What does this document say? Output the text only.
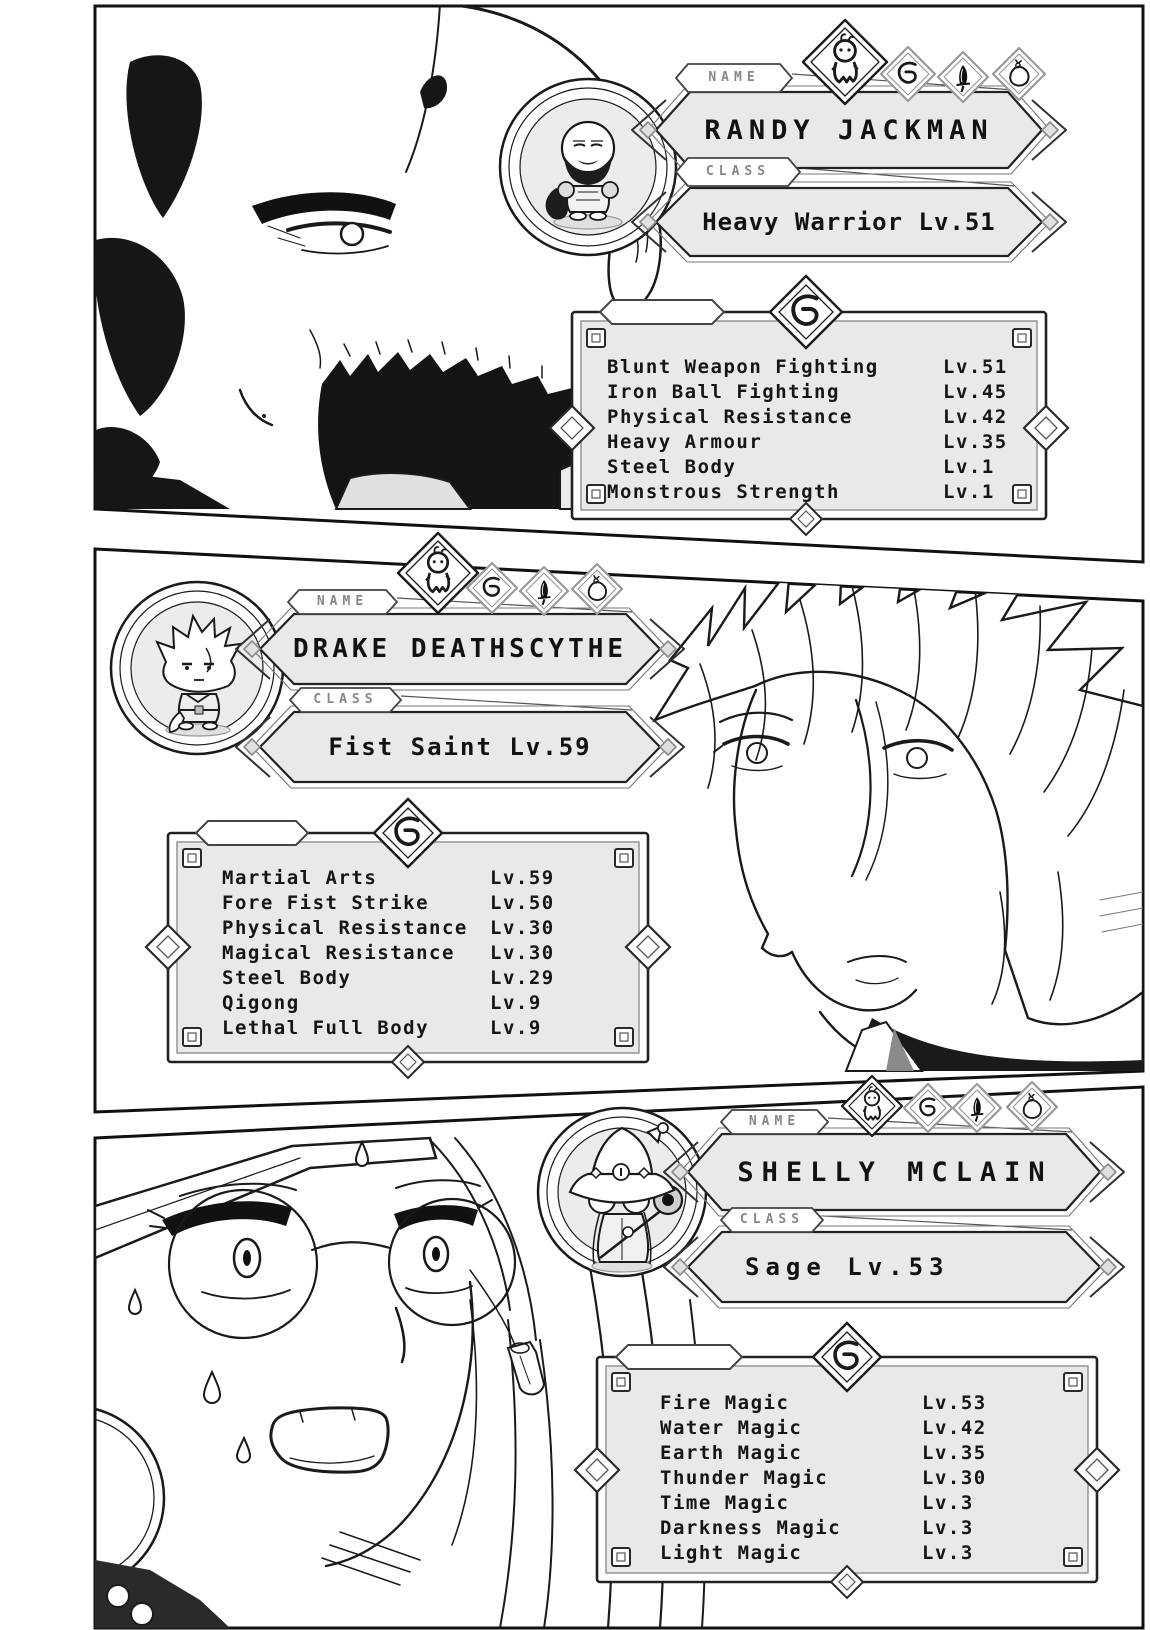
NAME
RANDY JACKMAN
CLASS
Heavy Warrior Lv.51
Blunt Weapon Fighting	Lv.51
Iron Ball Fighting	Lv.45
Physical Resistance	Lv.42
Heavy Armour	Lv.35
Steel Body	Lv.1
Monstrous Strength	Lv.1
NAME
DRAKE DEATHSCYTHE
CLASS
Fist Saint Lv.59
Martial Arts	Lv.59
Fore Fist Strike	Lv.50
Physical Resistance	Lv.30
Magical Resistance	Lv.30
Steel Body	Lv.29
Qigong	Lv.9
Lethal Full Body	Lv.9
NAME
SHELLY MCLAIN
CLASS
Sage Lv.53
Fire Magic	Lv.53
Water Magic	Lv.42
Earth Magic	Lv.35
Thunder Magic	Lv.30
Time Magic	Lv.3
Darkness Magic	Lv.3
Light Magic	Lv.3
